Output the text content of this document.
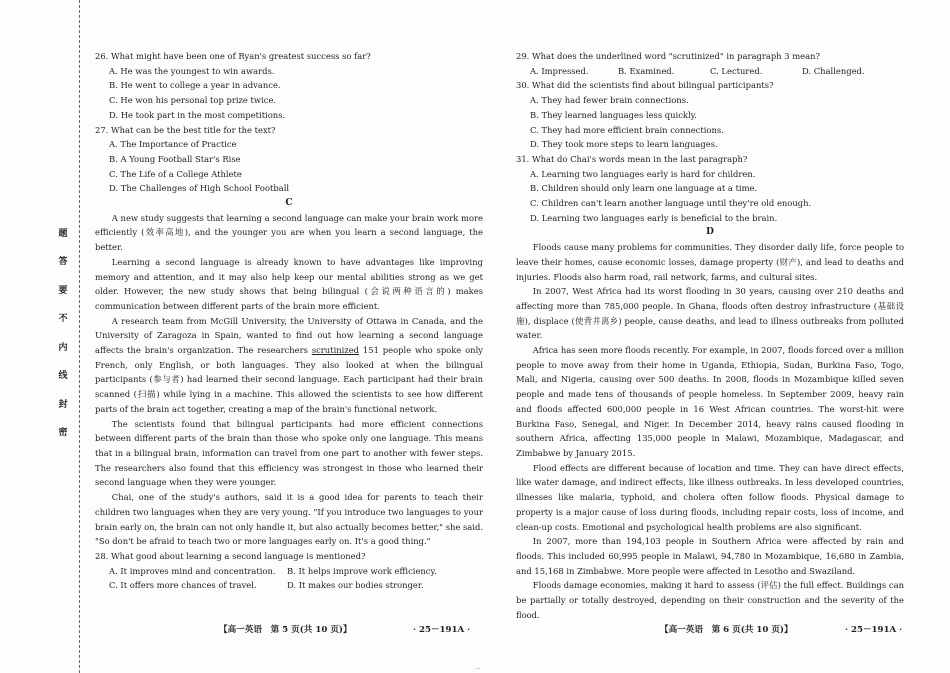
题
答
要
不
内
线
封
密

26. What might have been one of Ryan's greatest success so far?

A. He was the youngest to win awards.

B. He went to college a year in advance.

C. He won his personal top prize twice.

D. He took part in the most competitions.

27. What can be the best title for the text?

A. The Importance of Practice

B. A Young Football Star's Rise

C. The Life of a College Athlete

D. The Challenges of High School Football

C

A new study suggests that learning a second language can make your brain work more efficiently (效率高地), and the younger you are when you learn a second language, the better.

Learning a second language is already known to have advantages like improving memory and attention, and it may also help keep our mental abilities strong as we get older. However, the new study shows that being bilingual (会说两种语言的) makes communication between different parts of the brain more efficient.

A research team from McGill University, the University of Ottawa in Canada, and the University of Zaragoza in Spain, wanted to find out how learning a second language affects the brain's organization. The researchers scrutinized 151 people who spoke only French, only English, or both languages. They also looked at when the bilingual participants (参与者) had learned their second language. Each participant had their brain scanned (扫描) while lying in a machine. This allowed the scientists to see how different parts of the brain act together, creating a map of the brain's functional network.

The scientists found that bilingual participants had more efficient connections between different parts of the brain than those who spoke only one language. This means that in a bilingual brain, information can travel from one part to another with fewer steps. The researchers also found that this efficiency was strongest in those who learned their second language when they were younger.

Chai, one of the study's authors, said it is a good idea for parents to teach their children two languages when they are very young. "If you introduce two languages to your brain early on, the brain can not only handle it, but also actually becomes better," she said. "So don't be afraid to teach two or more languages early on. It's a good thing."

28. What good about learning a second language is mentioned?

A. It improves mind and concentration.	B. It helps improve work efficiency.
C. It offers more chances of travel.	D. It makes our bodies stronger.

29. What does the underlined word "scrutinized" in paragraph 3 mean?

A. Impressed.	B. Examined.	C. Lectured.	D. Challenged.

30. What did the scientists find about bilingual participants?

A. They had fewer brain connections.

B. They learned languages less quickly.

C. They had more efficient brain connections.

D. They took more steps to learn languages.

31. What do Chai's words mean in the last paragraph?

A. Learning two languages early is hard for children.

B. Children should only learn one language at a time.

C. Children can't learn another language until they're old enough.

D. Learning two languages early is beneficial to the brain.

D

Floods cause many problems for communities. They disorder daily life, force people to leave their homes, cause economic losses, damage property (财产), and lead to deaths and injuries. Floods also harm road, rail network, farms, and cultural sites.

In 2007, West Africa had its worst flooding in 30 years, causing over 210 deaths and affecting more than 785,000 people. In Ghana, floods often destroy infrastructure (基础设施), displace (使背井离乡) people, cause deaths, and lead to illness outbreaks from polluted water.

Africa has seen more floods recently. For example, in 2007, floods forced over a million people to move away from their home in Uganda, Ethiopia, Sudan, Burkina Faso, Togo, Mali, and Nigeria, causing over 500 deaths. In 2008, floods in Mozambique killed seven people and made tens of thousands of people homeless. In September 2009, heavy rain and floods affected 600,000 people in 16 West African countries. The worst-hit were Burkina Faso, Senegal, and Niger. In December 2014, heavy rains caused flooding in southern Africa, affecting 135,000 people in Malawi, Mozambique, Madagascar, and Zimbabwe by January 2015.

Flood effects are different because of location and time. They can have direct effects, like water damage, and indirect effects, like illness outbreaks. In less developed countries, illnesses like malaria, typhoid, and cholera often follow floods. Physical damage to property is a major cause of loss during floods, including repair costs, loss of income, and clean-up costs. Emotional and psychological health problems are also significant.

In 2007, more than 194,103 people in Southern Africa were affected by rain and floods. This included 60,995 people in Malawi, 94,780 in Mozambique, 16,680 in Zambia, and 15,168 in Zimbabwe. More people were affected in Lesotho and Swaziland.

Floods damage economies, making it hard to assess (评估) the full effect. Buildings can be partially or totally destroyed, depending on their construction and the severity of the flood.

【高一英语　第 5 页(共 10 页)】	· 25－191A ·	【高一英语　第 6 页(共 10 页)】	· 25－191A ·
...
